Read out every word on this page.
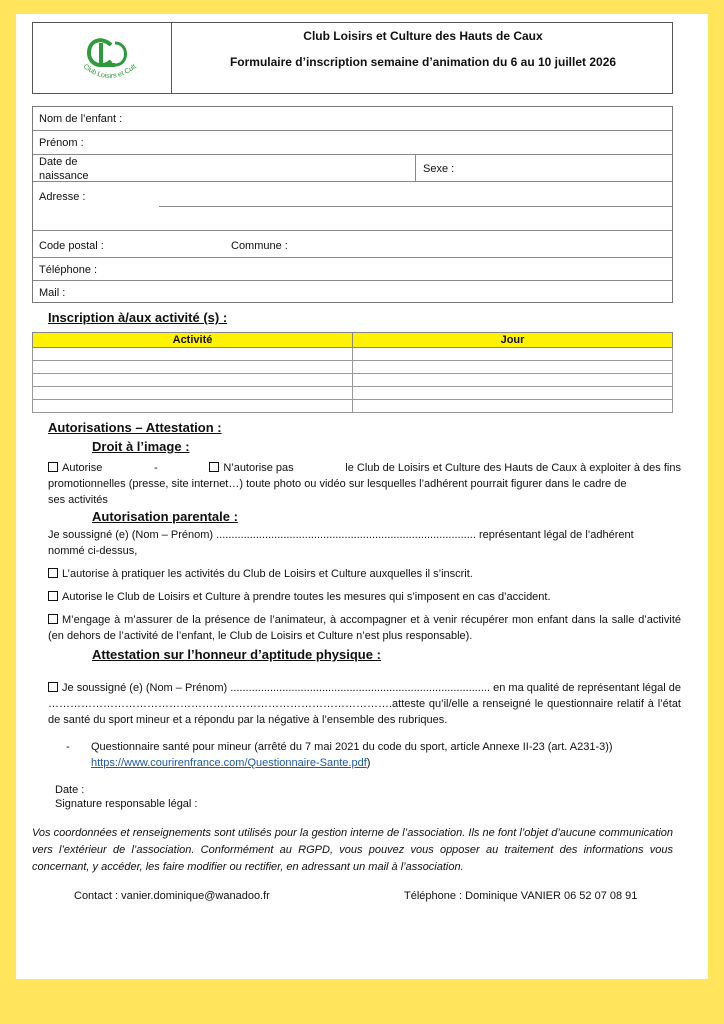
Club Loisirs et Cult
Club Loisirs et Culture des Hauts de Caux
Formulaire d’inscription semaine d’animation du 6 au 10 juillet 2026
Nom de l’enfant :
Prénom :
Date de
naissance
Sexe :
Adresse :
Code postal :	Commune :
Téléphone :
Mail :
Inscription à/aux activité (s) :
Activité	Jour

Autorisations – Attestation :
Droit à l’image :
Autorise	-	N’autorise pas	le Club de Loisirs et Culture des Hauts de Caux à exploiter à des fins
promotionnelles (presse, site internet…) toute photo ou vidéo sur lesquelles l’adhérent pourrait figurer dans le cadre de
ses activités
Autorisation parentale :
Je soussigné (e) (Nom – Prénom) ..................................................................................... représentant légal de l’adhérent
nommé ci-dessus,
L’autorise à pratiquer les activités du Club de Loisirs et Culture auxquelles il s’inscrit.
Autorise le Club de Loisirs et Culture à prendre toutes les mesures qui s’imposent en cas d’accident.
M’engage à m’assurer de la présence de l’animateur, à accompagner et à venir récupérer mon enfant dans la salle d’activité (en dehors de l’activité de l’enfant, le Club de Loisirs et Culture n’est plus responsable).
Attestation sur l’honneur d’aptitude physique :
Je soussigné (e) (Nom – Prénom) ..................................................................................... en ma qualité de représentant légal de ………………………………………………………………………………….atteste qu’il/elle a renseigné le questionnaire relatif à l’état de santé du sport mineur et a répondu par la négative à l’ensemble des rubriques.
- Questionnaire santé pour mineur (arrêté du 7 mai 2021 du code du sport, article Annexe II-23 (art. A231-3))
https://www.courirenfrance.com/Questionnaire-Sante.pdf)
Date :
Signature responsable légal :
Vos coordonnées et renseignements sont utilisés pour la gestion interne de l’association. Ils ne font l’objet d’aucune communication vers l’extérieur de l’association. Conformément au RGPD, vous pouvez vous opposer au traitement des informations vous concernant, y accéder, les faire modifier ou rectifier, en adressant un mail à l’association.
Contact : vanier.dominique@wanadoo.fr	Téléphone : Dominique VANIER 06 52 07 08 91
